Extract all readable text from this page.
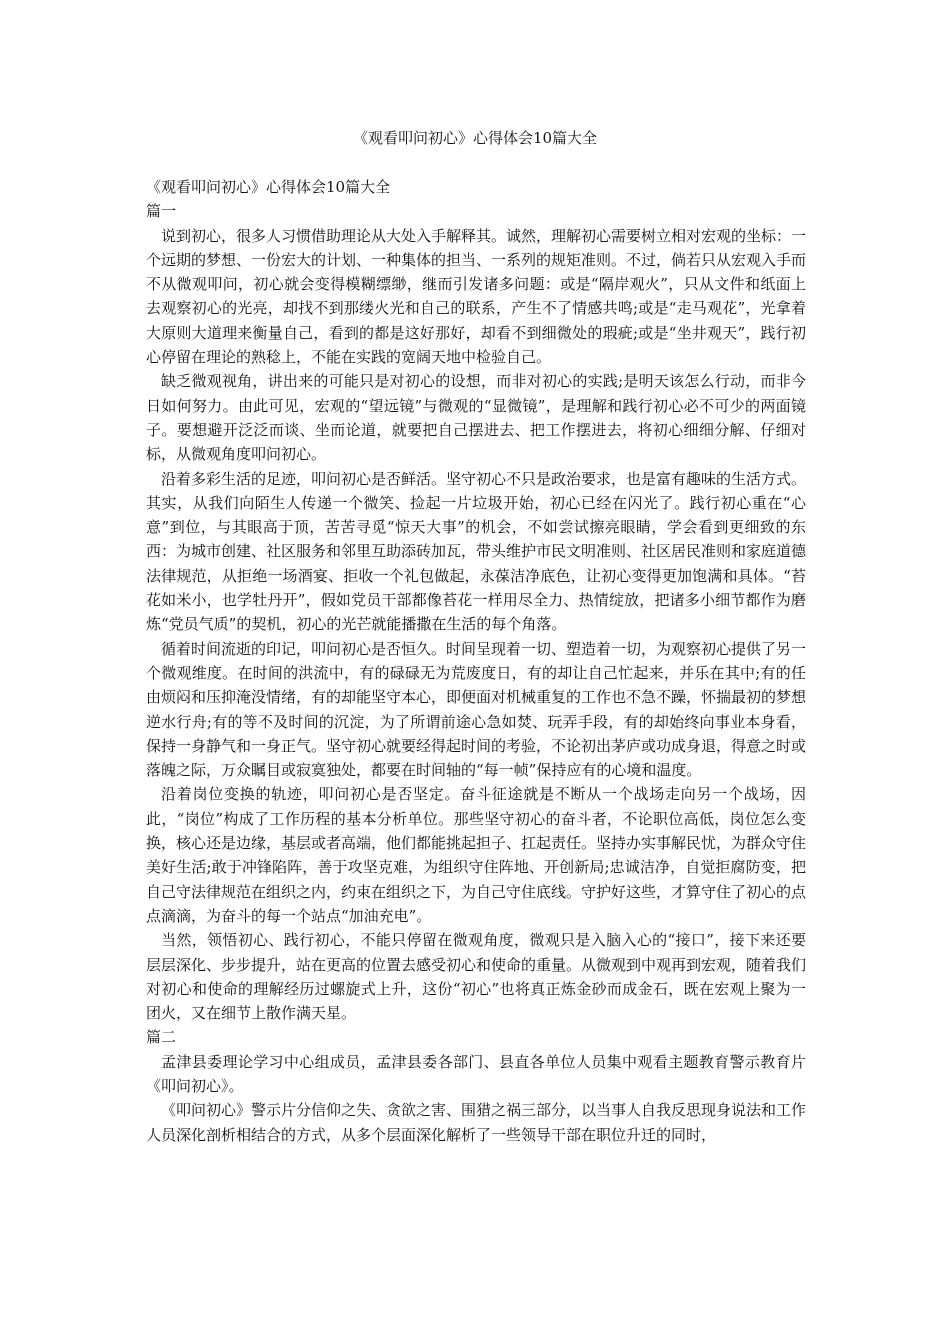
《观看叩问初心》心得体会10篇大全

《观看叩问初心》心得体会10篇大全

篇一

说到初心，很多人习惯借助理论从大处入手解释其。诚然，理解初心需要树立相对宏观的坐标：一个远期的梦想、一份宏大的计划、一种集体的担当、一系列的规矩准则。不过，倘若只从宏观入手而不从微观叩问，初心就会变得模糊缥缈，继而引发诸多问题：或是“隔岸观火”，只从文件和纸面上去观察初心的光亮，却找不到那缕火光和自己的联系，产生不了情感共鸣;或是“走马观花”，光拿着大原则大道理来衡量自己，看到的都是这好那好，却看不到细微处的瑕疵;或是“坐井观天”，践行初心停留在理论的熟稔上，不能在实践的宽阔天地中检验自己。

缺乏微观视角，讲出来的可能只是对初心的设想，而非对初心的实践;是明天该怎么行动，而非今日如何努力。由此可见，宏观的“望远镜”与微观的“显微镜”，是理解和践行初心必不可少的两面镜子。要想避开泛泛而谈、坐而论道，就要把自己摆进去、把工作摆进去，将初心细细分解、仔细对标，从微观角度叩问初心。

沿着多彩生活的足迹，叩问初心是否鲜活。坚守初心不只是政治要求，也是富有趣味的生活方式。其实，从我们向陌生人传递一个微笑、捡起一片垃圾开始，初心已经在闪光了。践行初心重在“心意”到位，与其眼高于顶，苦苦寻觅“惊天大事”的机会，不如尝试擦亮眼睛，学会看到更细致的东西：为城市创建、社区服务和邻里互助添砖加瓦，带头维护市民文明准则、社区居民准则和家庭道德法律规范，从拒绝一场酒宴、拒收一个礼包做起，永葆洁净底色，让初心变得更加饱满和具体。“苔花如米小，也学牡丹开”，假如党员干部都像苔花一样用尽全力、热情绽放，把诸多小细节都作为磨炼“党员气质”的契机，初心的光芒就能播撒在生活的每个角落。

循着时间流逝的印记，叩问初心是否恒久。时间呈现着一切、塑造着一切，为观察初心提供了另一个微观维度。在时间的洪流中，有的碌碌无为荒废度日，有的却让自己忙起来，并乐在其中;有的任由烦闷和压抑淹没情绪，有的却能坚守本心，即便面对机械重复的工作也不急不躁，怀揣最初的梦想逆水行舟;有的等不及时间的沉淀，为了所谓前途心急如焚、玩弄手段，有的却始终向事业本身看，保持一身静气和一身正气。坚守初心就要经得起时间的考验，不论初出茅庐或功成身退，得意之时或落魄之际，万众瞩目或寂寞独处，都要在时间轴的“每一帧”保持应有的心境和温度。

沿着岗位变换的轨迹，叩问初心是否坚定。奋斗征途就是不断从一个战场走向另一个战场，因此，“岗位”构成了工作历程的基本分析单位。那些坚守初心的奋斗者，不论职位高低，岗位怎么变换，核心还是边缘，基层或者高端，他们都能挑起担子、扛起责任。坚持办实事解民忧，为群众守住美好生活;敢于冲锋陷阵，善于攻坚克难，为组织守住阵地、开创新局;忠诚洁净，自觉拒腐防变，把自己守法律规范在组织之内，约束在组织之下，为自己守住底线。守护好这些，才算守住了初心的点点滴滴，为奋斗的每一个站点“加油充电”。

当然，领悟初心、践行初心，不能只停留在微观角度，微观只是入脑入心的“接口”，接下来还要层层深化、步步提升，站在更高的位置去感受初心和使命的重量。从微观到中观再到宏观，随着我们对初心和使命的理解经历过螺旋式上升，这份“初心”也将真正炼金砂而成金石，既在宏观上聚为一团火，又在细节上散作满天星。

篇二

孟津县委理论学习中心组成员，孟津县委各部门、县直各单位人员集中观看主题教育警示教育片《叩问初心》。

《叩问初心》警示片分信仰之失、贪欲之害、围猎之祸三部分，以当事人自我反思现身说法和工作人员深化剖析相结合的方式，从多个层面深化解析了一些领导干部在职位升迁的同时，
